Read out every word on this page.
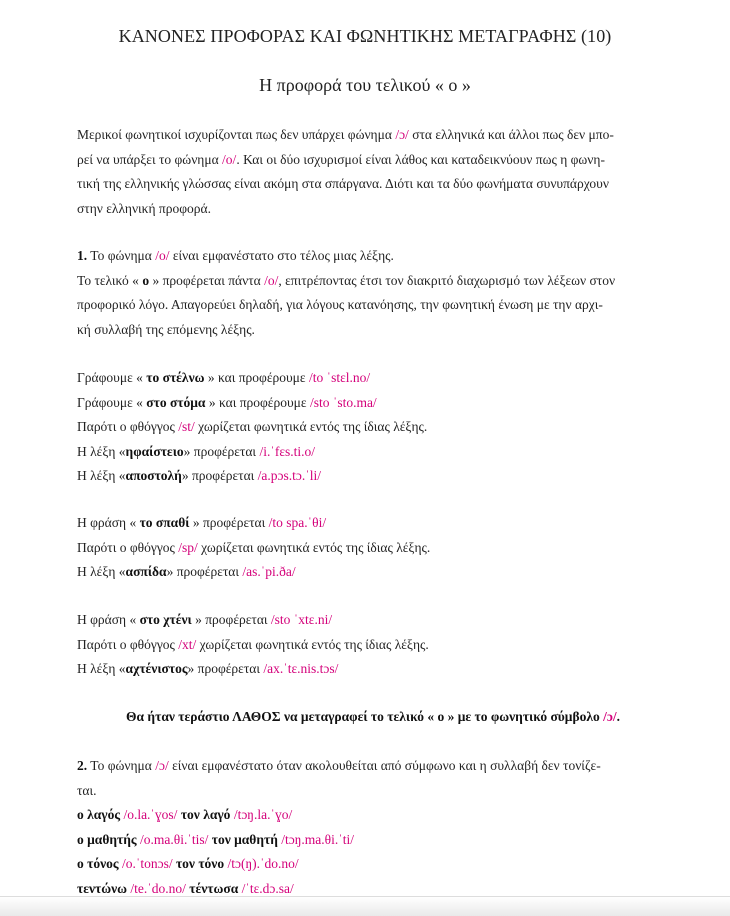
ΚΑΝΟΝΕΣ ΠΡΟΦΟΡΑΣ ΚΑΙ ΦΩΝΗΤΙΚΗΣ ΜΕΤΑΓΡΑΦΗΣ (10)
Η προφορά του τελικού « ο »
Μερικοί φωνητικοί ισχυρίζονται πως δεν υπάρχει φώνημα /ɔ/ στα ελληνικά και άλλοι πως δεν μπο-
ρεί να υπάρξει το φώνημα /o/. Και οι δύο ισχυρισμοί είναι λάθος και καταδεικνύουν πως η φωνη-
τική της ελληνικής γλώσσας είναι ακόμη στα σπάργανα. Διότι και τα δύο φωνήματα συνυπάρχουν
στην ελληνική προφορά.
1. Το φώνημα /o/ είναι εμφανέστατο στο τέλος μιας λέξης.
Το τελικό « ο » προφέρεται πάντα /o/, επιτρέποντας έτσι τον διακριτό διαχωρισμό των λέξεων στον
προφορικό λόγο. Απαγορεύει δηλαδή, για λόγους κατανόησης, την φωνητική ένωση με την αρχι-
κή συλλαβή της επόμενης λέξης.
Γράφουμε « το στέλνω » και προφέρουμε /to ˈstɛl.no/
Γράφουμε « στο στόμα » και προφέρουμε /sto ˈsto.ma/
Παρότι ο φθόγγος /st/ χωρίζεται φωνητικά εντός της ίδιας λέξης.
Η λέξη «ηφαίστειο» προφέρεται /i.ˈfɛs.ti.o/
Η λέξη «αποστολή» προφέρεται /a.pɔs.tɔ.ˈli/
Η φράση « το σπαθί » προφέρεται /to spa.ˈθi/
Παρότι ο φθόγγος /sp/ χωρίζεται φωνητικά εντός της ίδιας λέξης.
Η λέξη «ασπίδα» προφέρεται /as.ˈpi.ða/
Η φράση « στο χτένι » προφέρεται /sto ˈxtɛ.ni/
Παρότι ο φθόγγος /xt/ χωρίζεται φωνητικά εντός της ίδιας λέξης.
Η λέξη «αχτένιστος» προφέρεται /ax.ˈtɛ.nis.tɔs/
Θα ήταν τεράστιο ΛΑΘΟΣ να μεταγραφεί το τελικό « ο » με το φωνητικό σύμβολο /ɔ/.
2. Το φώνημα /ɔ/ είναι εμφανέστατο όταν ακολουθείται από σύμφωνο και η συλλαβή δεν τονίζε-
ται.
ο λαγός /o.la.ˈɣos/ τον λαγό /tɔŋ.la.ˈɣo/
ο μαθητής /o.ma.θi.ˈtis/ τον μαθητή /tɔŋ.ma.θi.ˈti/
ο τόνος /o.ˈtonɔs/ τον τόνο /tɔ(ŋ).ˈdo.no/
τεντώνω /te.ˈdo.no/ τέντωσα /ˈtɛ.dɔ.sa/
